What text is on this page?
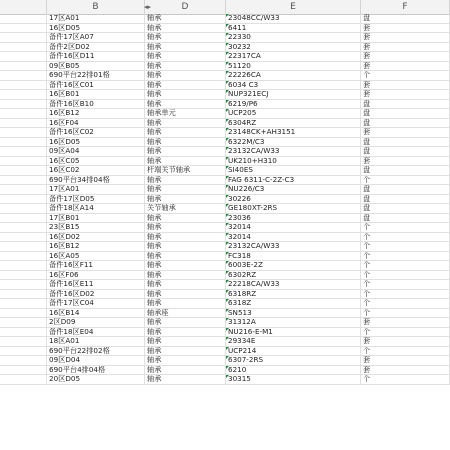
B	D	E	F
◂▸
17区A01	轴承	23048CC/W33	盘
16区D05	轴承	6411	套
备件17区A07	轴承	22330	套
备件2区D02	轴承	30232	套
备件16区D11	轴承	22317CA	套
09区B05	轴承	51120	套
690平台22排01格	轴承	22226CA	个
备件16区C01	轴承	6034 C3	套
16区B01	轴承	NUP321ECJ	套
备件16区B10	轴承	6219/P6	盘
16区B12	轴承单元	UCP205	盘
16区F04	轴承	6304RZ	盘
备件16区C02	轴承	23148CK+AH3151	套
16区D05	轴承	6322M/C3	盘
09区A04	轴承	23132CA/W33	盘
16区C05	轴承	UK210+H310	套
16区C02	杆端关节轴承	SI40ES	盘
690平台34排04格	轴承	FAG 6311-C-2Z-C3	个
17区A01	轴承	NU226/C3	盘
备件17区D05	轴承	30226	盘
备件18区A14	关节轴承	GE180XT-2RS	盘
17区B01	轴承	23036	盘
23区B15	轴承	32014	个
16区D02	轴承	32014	个
16区B12	轴承	23132CA/W33	个
16区A05	轴承	FC318	个
备件16区F11	轴承	6003E-2Z	个
16区F06	轴承	6302RZ	个
备件16区E11	轴承	22218CA/W33	个
备件16区D02	轴承	6318RZ	个
备件17区C04	轴承	6318Z	个
16区B14	轴承座	SN513	个
2区D09	轴承	31312A	套
备件18区E04	轴承	NU216-E-M1	个
18区A01	轴承	29334E	套
690平台22排02格	轴承	UCP214	个
09区D04	轴承	6307-2RS	套
690平台4排04格	轴承	6210	套
20区D05	轴承	30315	个
